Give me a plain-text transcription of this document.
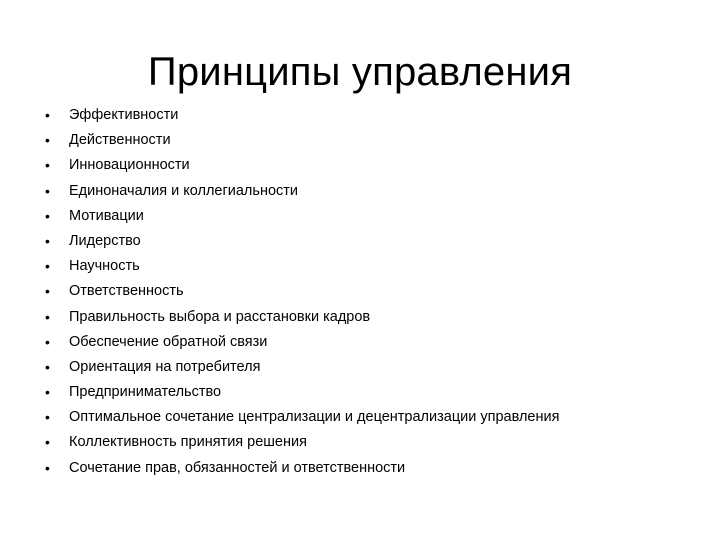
Принципы управления
•	Эффективности
•	Действенности
•	Инновационности
•	Единоначалия и коллегиальности
•	Мотивации
•	Лидерство
•	Научность
•	Ответственность
•	Правильность выбора и расстановки кадров
•	Обеспечение обратной связи
•	Ориентация на потребителя
•	Предпринимательство
•	Оптимальное сочетание централизации и децентрализации управления
•	Коллективность принятия решения
•	Сочетание прав, обязанностей и ответственности
